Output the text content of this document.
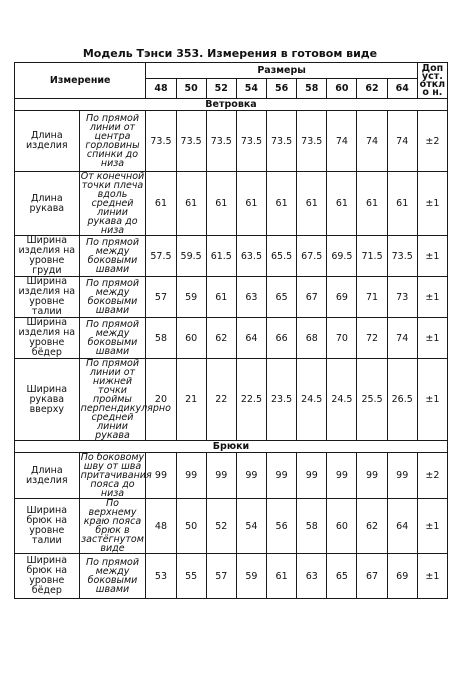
Модель Тэнси 353. Измерения в готовом виде
Измерение		Размеры									Допуст. откло н.
		48	50	52	54	56	58	60	62	64	
Ветровка											
Длина изделия	По прямой линии от центра горловины спинки до низа	73.5	73.5	73.5	73.5	73.5	73.5	74	74	74	±2
Длина рукава	От конечной точки плеча вдоль средней линии рукава до низа	61	61	61	61	61	61	61	61	61	±1
Ширина изделия на уровне груди	По прямой между боковыми швами	57.5	59.5	61.5	63.5	65.5	67.5	69.5	71.5	73.5	±1
Ширина изделия на уровне талии	По прямой между боковыми швами	57	59	61	63	65	67	69	71	73	±1
Ширина изделия на уровне бёдер	По прямой между боковыми швами	58	60	62	64	66	68	70	72	74	±1
Ширина рукава вверху	По прямой линии от нижней точки проймы перпендикулярно средней линии рукава	20	21	22	22.5	23.5	24.5	24.5	25.5	26.5	±1
Брюки											
Длина изделия	По боковому шву от шва притачивания пояса до низа	99	99	99	99	99	99	99	99	99	±2
Ширина брюк на уровне талии	По верхнему краю пояса брюк в застёгнутом виде	48	50	52	54	56	58	60	62	64	±1
Ширина брюк на уровне бёдер	По прямой между боковыми швами	53	55	57	59	61	63	65	67	69	±1
